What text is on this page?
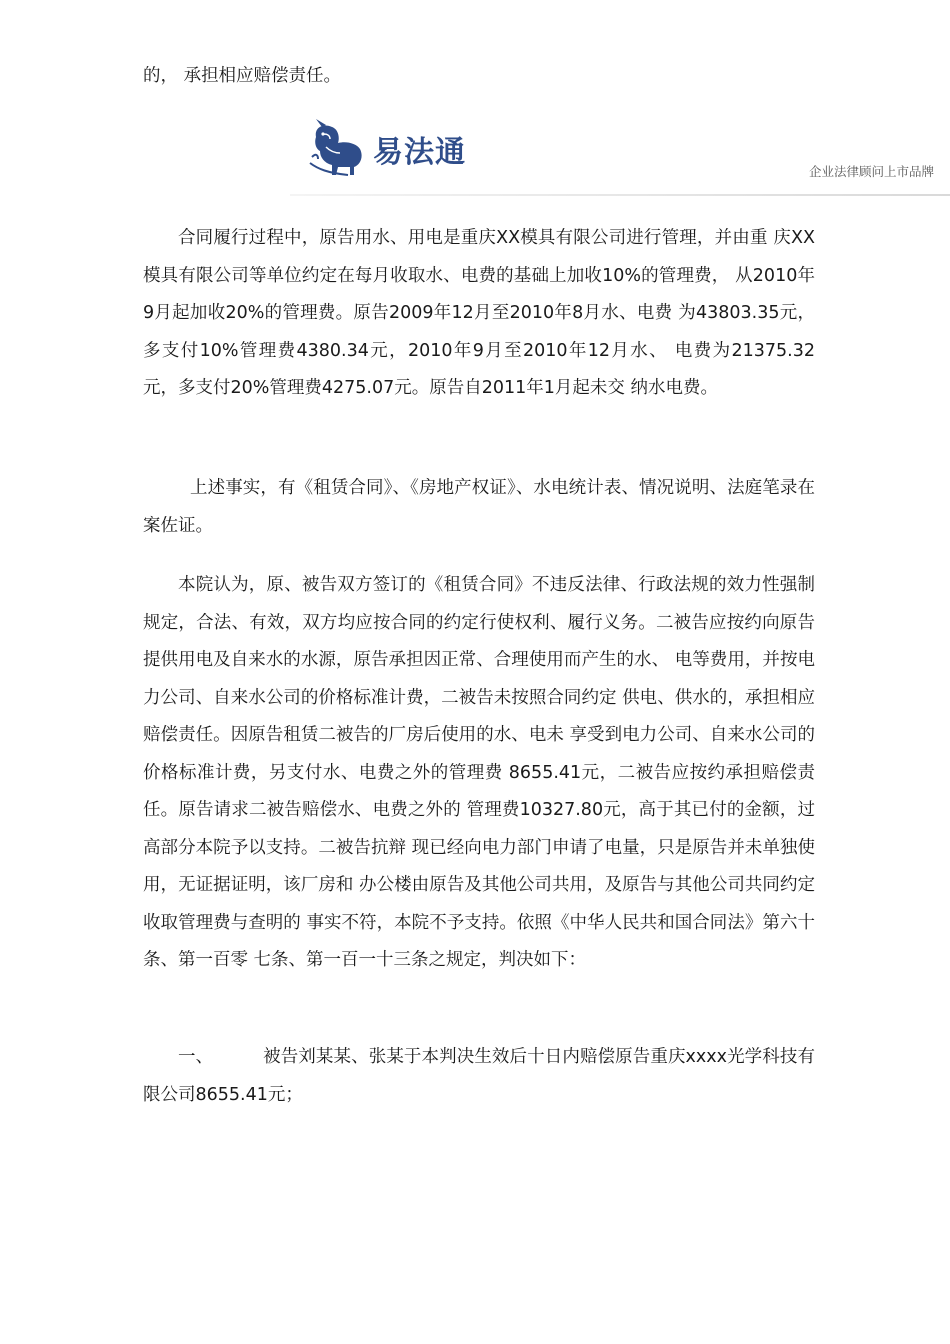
的， 承担相应赔偿责任。

易法通
企业法律顾问上市品牌

合同履行过程中，原告用水、用电是重庆XX模具有限公司进行管理，并由重 庆XX模具有限公司等单位约定在每月收取水、电费的基础上加收10%的管理费， 从2010年9月起加收20%的管理费。原告2009年12月至2010年8月水、电费 为43803.35元，多支付10%管理费4380.34元，2010年9月至2010年12月水、 电费为21375.32元，多支付20%管理费4275.07元。原告自2011年1月起未交 纳水电费。

上述事实，有《租赁合同》、《房地产权证》、水电统计表、情况说明、法庭笔录在案佐证。

本院认为，原、被告双方签订的《租赁合同》不违反法律、行政法规的效力性强制规定，合法、有效，双方均应按合同的约定行使权利、履行义务。二被告应按约向原告提供用电及自来水的水源，原告承担因正常、合理使用而产生的水、 电等费用，并按电力公司、自来水公司的价格标准计费，二被告未按照合同约定 供电、供水的，承担相应赔偿责任。因原告租赁二被告的厂房后使用的水、电未 享受到电力公司、自来水公司的价格标准计费，另支付水、电费之外的管理费 8655.41元，二被告应按约承担赔偿责任。原告请求二被告赔偿水、电费之外的 管理费10327.80元，高于其已付的金额，过高部分本院予以支持。二被告抗辩 现已经向电力部门申请了电量，只是原告并未单独使用，无证据证明，该厂房和 办公楼由原告及其他公司共用，及原告与其他公司共同约定收取管理费与查明的 事实不符，本院不予支持。依照《中华人民共和国合同法》第六十条、第一百零 七条、第一百一十三条之规定，判决如下：

一、	被告刘某某、张某于本判决生效后十日内赔偿原告重庆xxxx光学科技有 限公司8655.41元；
